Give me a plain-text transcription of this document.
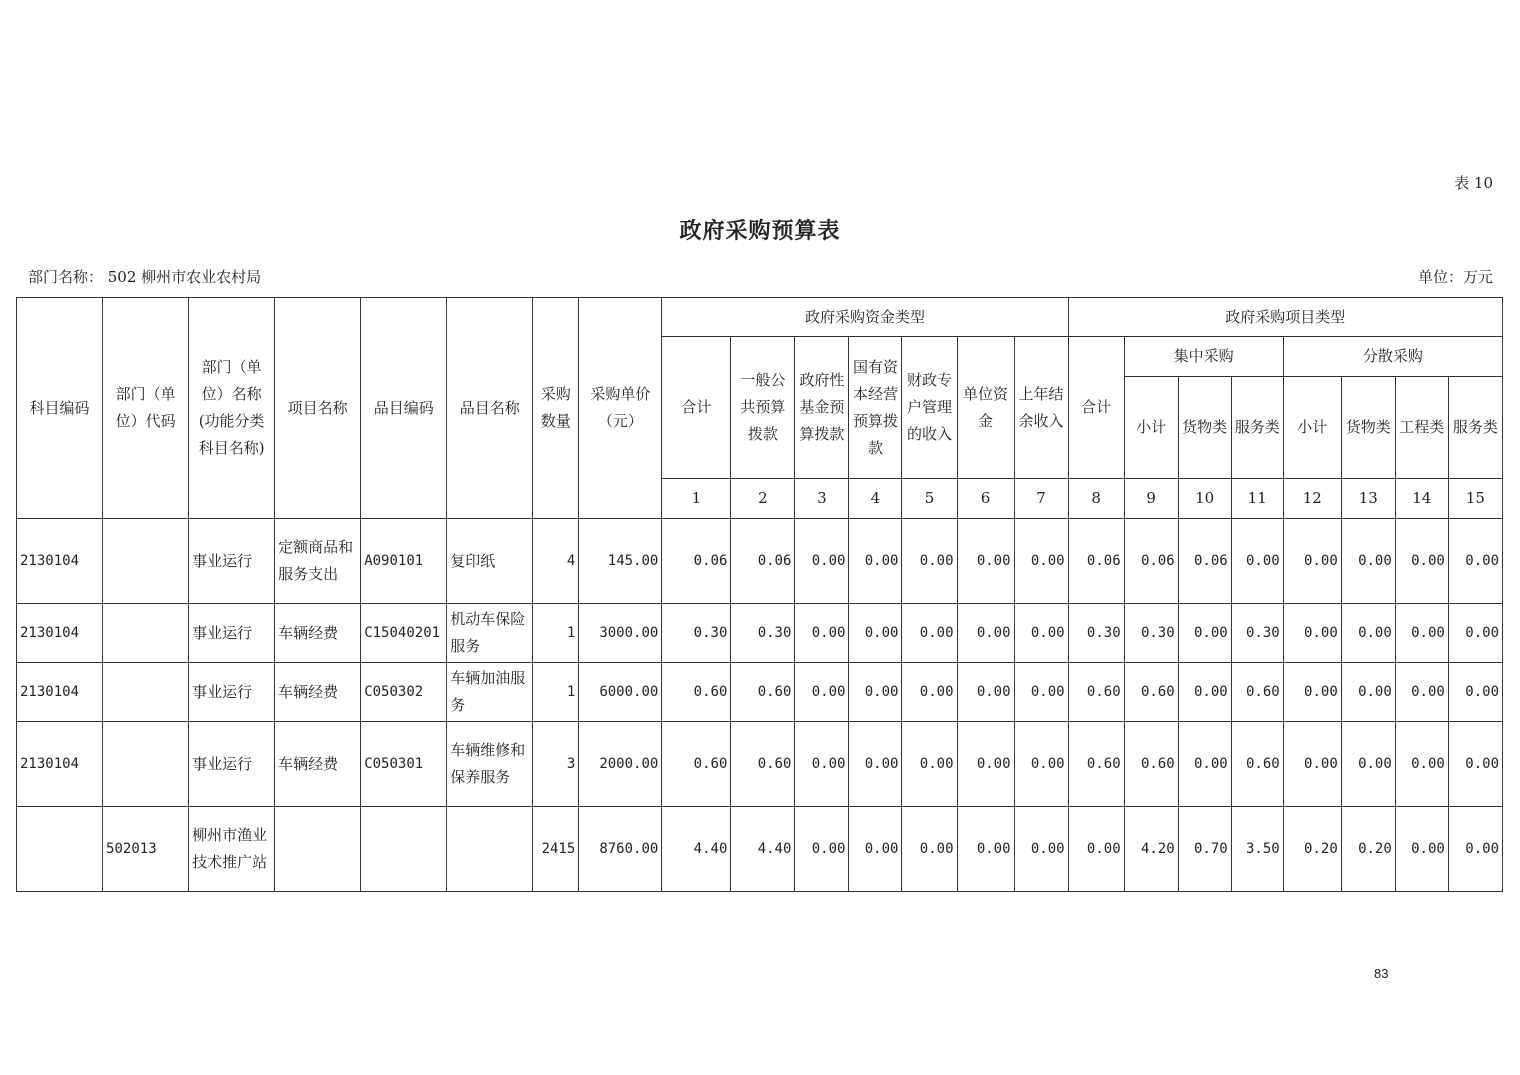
表 10
政府采购预算表
部门名称： 502 柳州市农业农村局	单位：万元
科目编码	部门（单位）代码	部门（单位）名称(功能分类科目名称)	项目名称	品目编码	品目名称	采购数量	采购单价（元）	政府采购资金类型							政府采购项目类型							
								合计	一般公共预算拨款	政府性基金预算拨款	国有资本经营预算拨款	财政专户管理的收入	单位资金	上年结余收入	合计	集中采购			分散采购			
																小计	货物类	服务类	小计	货物类	工程类	服务类
								1	2	3	4	5	6	7	8	9	10	11	12	13	14	15
2130104		事业运行	定额商品和服务支出	A090101	复印纸	4	145.00	0.06	0.06	0.00	0.00	0.00	0.00	0.00	0.06	0.06	0.06	0.00	0.00	0.00	0.00	0.00
2130104		事业运行	车辆经费	C15040201	机动车保险服务	1	3000.00	0.30	0.30	0.00	0.00	0.00	0.00	0.00	0.30	0.30	0.00	0.30	0.00	0.00	0.00	0.00
2130104		事业运行	车辆经费	C050302	车辆加油服务	1	6000.00	0.60	0.60	0.00	0.00	0.00	0.00	0.00	0.60	0.60	0.00	0.60	0.00	0.00	0.00	0.00
2130104		事业运行	车辆经费	C050301	车辆维修和保养服务	3	2000.00	0.60	0.60	0.00	0.00	0.00	0.00	0.00	0.60	0.60	0.00	0.60	0.00	0.00	0.00	0.00
	502013	柳州市渔业技术推广站				2415	8760.00	4.40	4.40	0.00	0.00	0.00	0.00	0.00	0.00	4.20	0.70	3.50	0.20	0.20	0.00	0.00
83
